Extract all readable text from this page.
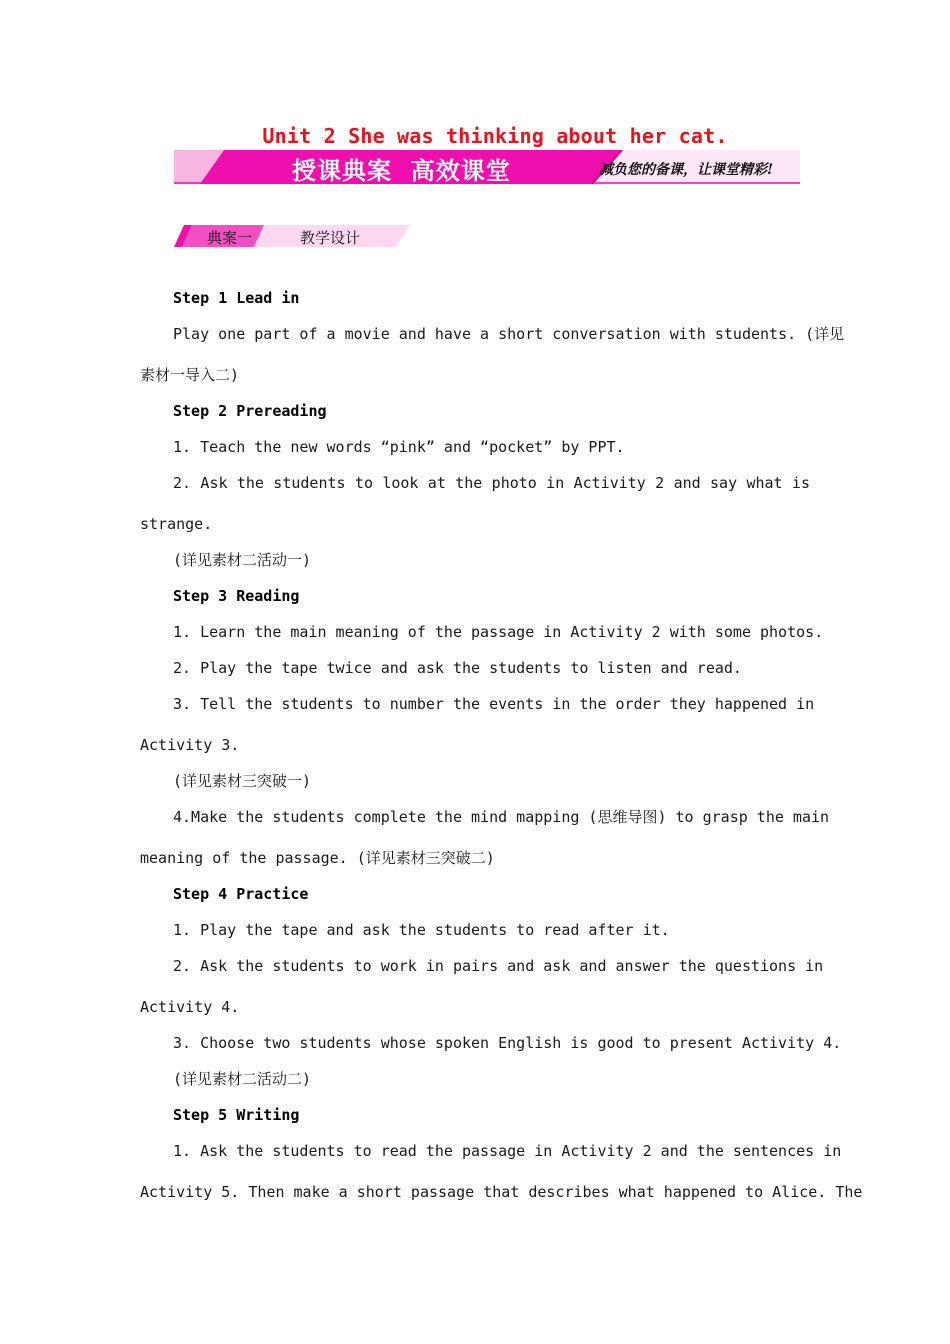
Unit 2 She was thinking about her cat.
授课典案  高效课堂	减负您的备课，让课堂精彩!
典案一	教学设计
Step 1 Lead in
Play one part of a movie and have a short conversation with students. (详见
素材一导入二)
Step 2 Prereading
1. Teach the new words “pink” and “pocket” by PPT.
2. Ask the students to look at the photo in Activity 2 and say what is
strange.
(详见素材二活动一)
Step 3 Reading
1. Learn the main meaning of the passage in Activity 2 with some photos.
2. Play the tape twice and ask the students to listen and read.
3. Tell the students to number the events in the order they happened in
Activity 3.
(详见素材三突破一)
4.Make the students complete the mind mapping (思维导图) to grasp the main
meaning of the passage. (详见素材三突破二)
Step 4 Practice
1. Play the tape and ask the students to read after it.
2. Ask the students to work in pairs and ask and answer the questions in
Activity 4.
3. Choose two students whose spoken English is good to present Activity 4.
(详见素材二活动二)
Step 5 Writing
1. Ask the students to read the passage in Activity 2 and the sentences in
Activity 5. Then make a short passage that describes what happened to Alice. The
